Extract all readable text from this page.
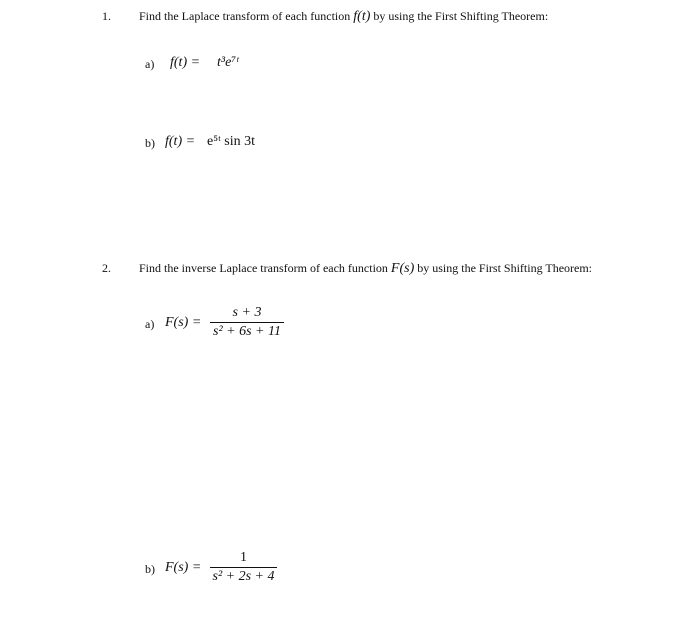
1. Find the Laplace transform of each function f(t) by using the First Shifting Theorem:
a) f(t) = t³e⁷ᵗ
b) f(t) = e⁵ᵗ sin 3t
2. Find the inverse Laplace transform of each function F(s) by using the First Shifting Theorem:
a) F(s) =
s + 3
s² + 6s + 11
b) F(s) =
1
s² + 2s + 4
